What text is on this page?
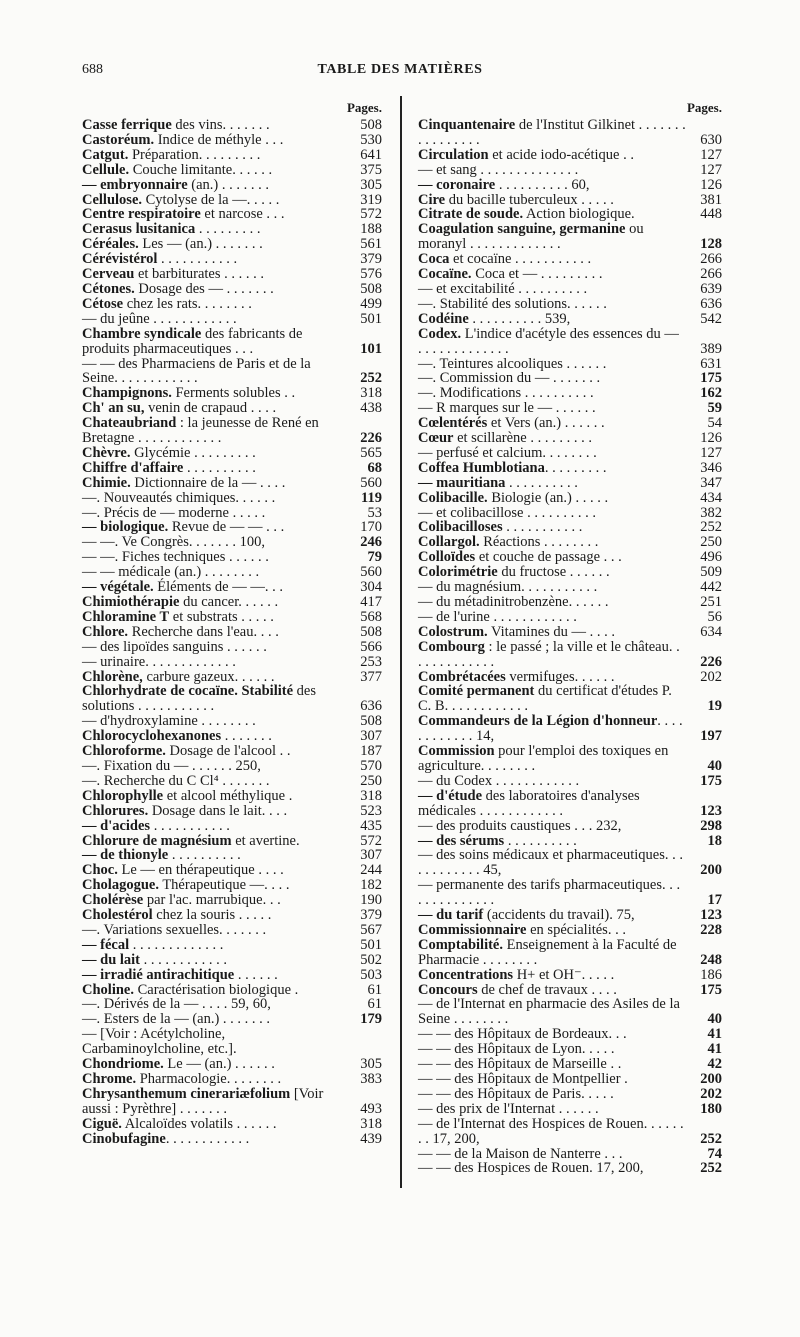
688	TABLE DES MATIÈRES
Pages.
Casse ferrique des vins. . . . . . .	508
Castoréum. Indice de méthyle . . .	530
Catgut. Préparation. . . . . . . . .	641
Cellule. Couche limitante. . . . . .	375
— embryonnaire (an.) . . . . . . .	305
Cellulose. Cytolyse de la —. . . . .	319
Centre respiratoire et narcose . . .	572
Cerasus lusitanica . . . . . . . . .	188
Céréales. Les — (an.) . . . . . . .	561
Cérévistérol . . . . . . . . . . .	379
Cerveau et barbiturates . . . . . .	576
Cétones. Dosage des — . . . . . . .	508
Cétose chez les rats. . . . . . . .	499
— du jeûne . . . . . . . . . . . .	501
Chambre syndicale des fabricants de produits pharmaceutiques . . .	101
— — des Pharmaciens de Paris et de la Seine. . . . . . . . . . . .	252
Champignons. Ferments solubles . .	318
Ch' an su, venin de crapaud . . . .	438
Chateaubriand : la jeunesse de René en Bretagne . . . . . . . . . . . .	226
Chèvre. Glycémie . . . . . . . . .	565
Chiffre d'affaire . . . . . . . . . .	68
Chimie. Dictionnaire de la — . . . .	560
—. Nouveautés chimiques. . . . . .	119
—. Précis de — moderne . . . . .	53
— biologique. Revue de — — . . .	170
— —. Ve Congrès. . . . . . . 100,	246
— —. Fiches techniques . . . . . .	79
— — médicale (an.) . . . . . . . .	560
— végétale. Éléments de — —. . .	304
Chimiothérapie du cancer. . . . . .	417
Chloramine T et substrats . . . . .	568
Chlore. Recherche dans l'eau. . . .	508
— des lipoïdes sanguins . . . . . .	566
— urinaire. . . . . . . . . . . . .	253
Chlorène, carbure gazeux. . . . . .	377
Chlorhydrate de cocaïne. Stabilité des solutions . . . . . . . . . . .	636
— d'hydroxylamine . . . . . . . .	508
Chlorocyclohexanones . . . . . . .	307
Chloroforme. Dosage de l'alcool . .	187
—. Fixation du — . . . . . . 250,	570
—. Recherche du C Cl⁴ . . . . . . .	250
Chlorophylle et alcool méthylique .	318
Chlorures. Dosage dans le lait. . . .	523
— d'acides . . . . . . . . . . .	435
Chlorure de magnésium et avertine.	572
— de thionyle . . . . . . . . . .	307
Choc. Le — en thérapeutique . . . .	244
Cholagogue. Thérapeutique —. . . .	182
Cholérèse par l'ac. marrubique. . .	190
Cholestérol chez la souris . . . . .	379
—. Variations sexuelles. . . . . . .	567
— fécal . . . . . . . . . . . . .	501
— du lait . . . . . . . . . . . .	502
— irradié antirachitique . . . . . .	503
Choline. Caractérisation biologique .	61
—. Dérivés de la — . . . . 59, 60,	61
—. Esters de la — (an.) . . . . . . .	179
— [Voir : Acétylcholine, Carbaminoylcholine, etc.].
Chondriome. Le — (an.) . . . . . .	305
Chrome. Pharmacologie. . . . . . . .	383
Chrysanthemum cinerariæfolium [Voir aussi : Pyrèthre] . . . . . . .	493
Ciguë. Alcaloïdes volatils . . . . . .	318
Cinobufagine. . . . . . . . . . . .	439
Pages.
Cinquantenaire de l'Institut Gilkinet . . . . . . . . . . . . . . . .	630
Circulation et acide iodo-acétique . .	127
— et sang . . . . . . . . . . . . . .	127
— coronaire . . . . . . . . . . 60,	126
Cire du bacille tuberculeux . . . . .	381
Citrate de soude. Action biologique.	448
Coagulation sanguine, germanine ou moranyl . . . . . . . . . . . . .	128
Coca et cocaïne . . . . . . . . . . .	266
Cocaïne. Coca et — . . . . . . . . .	266
— et excitabilité . . . . . . . . . .	639
—. Stabilité des solutions. . . . . .	636
Codéine . . . . . . . . . . 539,	542
Codex. L'indice d'acétyle des essences du — . . . . . . . . . . . . .	389
—. Teintures alcooliques . . . . . .	631
—. Commission du — . . . . . . .	175
—. Modifications . . . . . . . . . .	162
— R marques sur le — . . . . . .	59
Cœlentérés et Vers (an.) . . . . . .	54
Cœur et scillarène . . . . . . . . .	126
— perfusé et calcium. . . . . . . .	127
Coffea Humblotiana. . . . . . . . .	346
— mauritiana . . . . . . . . . .	347
Colibacille. Biologie (an.) . . . . .	434
— et colibacillose . . . . . . . . . .	382
Colibacilloses . . . . . . . . . . .	252
Collargol. Réactions . . . . . . . .	250
Colloïdes et couche de passage . . .	496
Colorimétrie du fructose . . . . . .	509
— du magnésium. . . . . . . . . . .	442
— du métadinitrobenzène. . . . . .	251
— de l'urine . . . . . . . . . . . .	56
Colostrum. Vitamines du — . . . .	634
Combourg : le passé ; la ville et le château. . . . . . . . . . . . .	226
Combrétacées vermifuges. . . . . .	202
Comité permanent du certificat d'études P. C. B. . . . . . . . . . . .	19
Commandeurs de la Légion d'honneur. . . . . . . . . . . . 14,	197
Commission pour l'emploi des toxiques en agriculture. . . . . . . .	40
— du Codex . . . . . . . . . . . .	175
— d'étude des laboratoires d'analyses médicales . . . . . . . . . . . .	123
— des produits caustiques . . . 232,	298
— des sérums . . . . . . . . . .	18
— des soins médicaux et pharmaceutiques. . . . . . . . . . . . 45,	200
— permanente des tarifs pharmaceutiques. . . . . . . . . . . . . .	17
— du tarif (accidents du travail). 75,	123
Commissionnaire en spécialités. . .	228
Comptabilité. Enseignement à la Faculté de Pharmacie . . . . . . . .	248
Concentrations H+ et OH⁻. . . . .	186
Concours de chef de travaux . . . .	175
— de l'Internat en pharmacie des Asiles de la Seine . . . . . . . .	40
— — des Hôpitaux de Bordeaux. . .	41
— — des Hôpitaux de Lyon. . . . .	41
— — des Hôpitaux de Marseille . .	42
— — des Hôpitaux de Montpellier .	200
— — des Hôpitaux de Paris. . . . .	202
— des prix de l'Internat . . . . . .	180
— de l'Internat des Hospices de Rouen. . . . . . . . 17, 200,	252
— — de la Maison de Nanterre . . .	74
— — des Hospices de Rouen. 17, 200,	252
